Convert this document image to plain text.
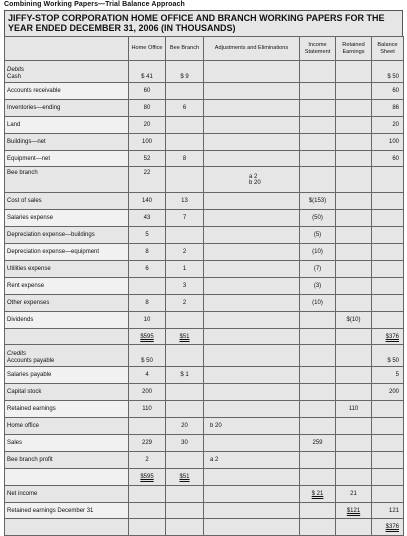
Combining Working Papers—Trial Balance Approach
JIFFY-STOP CORPORATION HOME OFFICE AND BRANCH WORKING PAPERS FOR THE YEAR ENDED DECEMBER 31, 2006 (IN THOUSANDS)
	Home Office	Bee Branch	Adjustments and Eliminations	Income Statement	Retained Earnings	Balance Sheet

Debits
Cash	$ 41	$ 9				$ 50
Accounts receivable	60					60
Inventories—ending	80	6				86
Land	20					20
Buildings—net	100					100
Equipment—net	52	8				60
Bee branch	22		a 2
b 20			

Cost of sales	140	13		$(153)		
Salaries expense	43	7		(50)		
Depreciation expense—buildings	5			(5)		
Depreciation expense—equipment	8	2		(10)		
Utilities expense	6	1		(7)		
Rent expense		3		(3)		
Other expenses	8	2		(10)		
Dividends	10				$(10)	
	$595	$51				$376

Credits
Accounts payable	$ 50					$ 50
Salaries payable	4	$ 1				5
Capital stock	200					200
Retained earnings	110				110	
Home office		20	b 20			
Sales	229	30		259		
Bee branch profit	2		a 2			
	$595	$51				
Net income				$ 21	21	
Retained earnings December 31					$121	121
						$376
